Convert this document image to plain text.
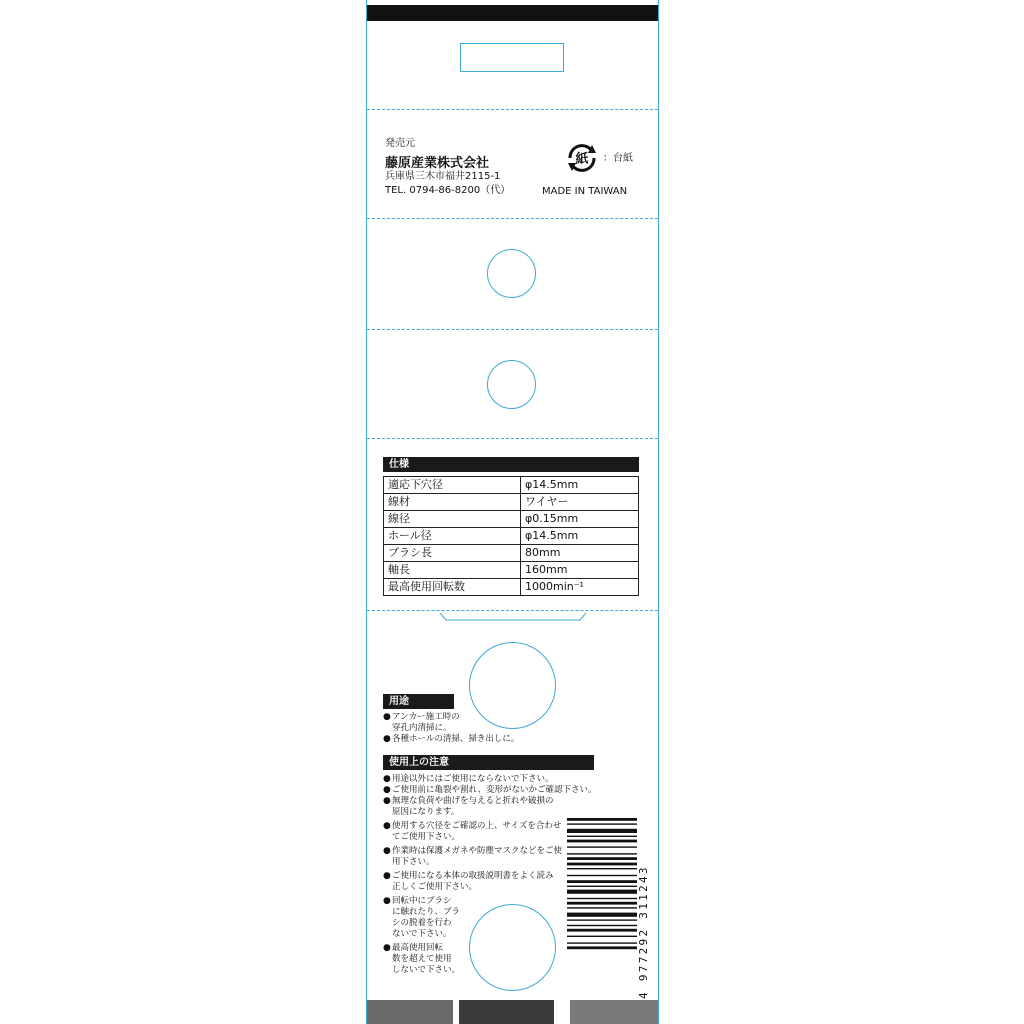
発売元
藤原産業株式会社
兵庫県三木市福井2115-1
TEL. 0794-86-8200（代）
紙 ：台紙
MADE IN TAIWAN
仕様
適応下穴径	φ14.5mm
線材	ワイヤー
線径	φ0.15mm
ホール径	φ14.5mm
ブラシ長	80mm
軸長	160mm
最高使用回転数	1000min⁻¹
用途
● アンカー施工時の
穿孔内清掃に。
● 各種ホールの清掃、掃き出しに。
使用上の注意
● 用途以外にはご使用にならないで下さい。
● ご使用前に亀裂や割れ、変形がないかご確認下さい。
● 無理な負荷や曲げを与えると折れや破損の
原因になります。
● 使用する穴径をご確認の上、サイズを合わせ
てご使用下さい。
● 作業時は保護メガネや防塵マスクなどをご使
用下さい。
● ご使用になる本体の取扱説明書をよく読み
正しくご使用下さい。
● 回転中にブラシ
に触れたり、ブラ
シの脱着を行わ
ないで下さい。
● 最高使用回転
数を超えて使用
しないで下さい。	4 977292 311243
